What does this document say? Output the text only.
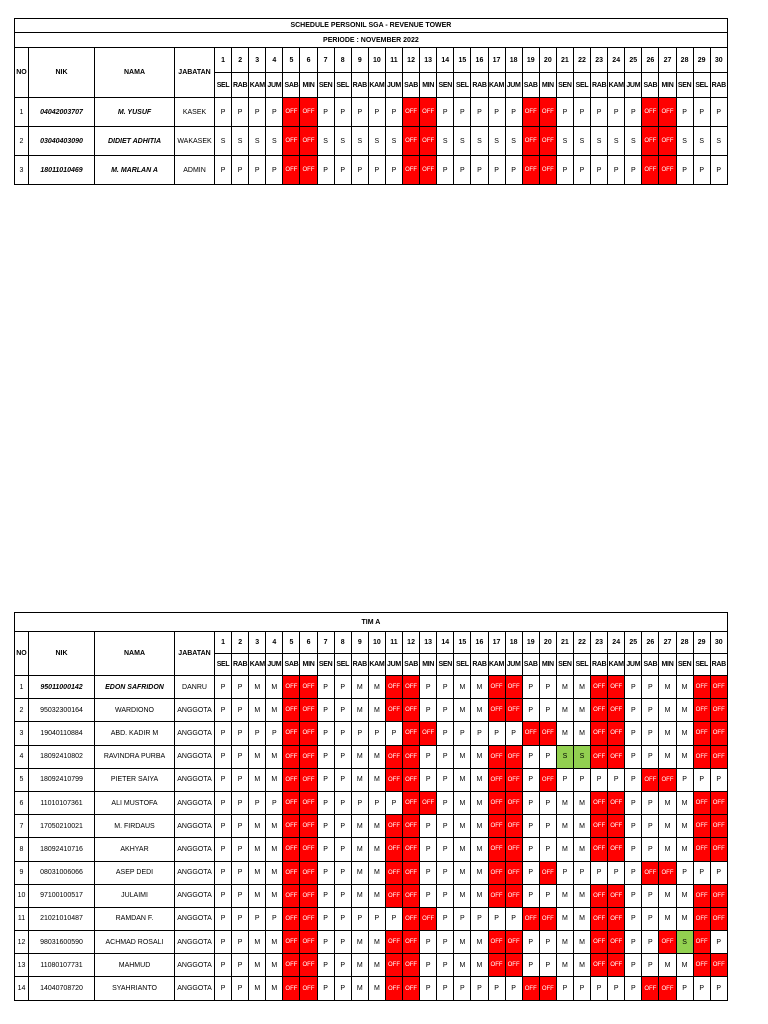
SCHEDULE PERSONIL SGA - REVENUE TOWER																																	
PERIODE : NOVEMBER 2022																																	
NO	NIK	NAMA	JABATAN	1	2	3	4	5	6	7	8	9	10	11	12	13	14	15	16	17	18	19	20	21	22	23	24	25	26	27	28	29	30
				SEL	RAB	KAM	JUM	SAB	MIN	SEN	SEL	RAB	KAM	JUM	SAB	MIN	SEN	SEL	RAB	KAM	JUM	SAB	MIN	SEN	SEL	RAB	KAM	JUM	SAB	MIN	SEN	SEL	RAB
1	04042003707	M. YUSUF	KASEK	P	P	P	P	OFF	OFF	P	P	P	P	P	OFF	OFF	P	P	P	P	P	OFF	OFF	P	P	P	P	P	OFF	OFF	P	P	P
2	03040403090	DIDIET ADHITIA	WAKASEK	S	S	S	S	OFF	OFF	S	S	S	S	S	OFF	OFF	S	S	S	S	S	OFF	OFF	S	S	S	S	S	OFF	OFF	S	S	S
3	18011010469	M. MARLAN A	ADMIN	P	P	P	P	OFF	OFF	P	P	P	P	P	OFF	OFF	P	P	P	P	P	OFF	OFF	P	P	P	P	P	OFF	OFF	P	P	P
TIM A																																	
NO	NIK	NAMA	JABATAN	1	2	3	4	5	6	7	8	9	10	11	12	13	14	15	16	17	18	19	20	21	22	23	24	25	26	27	28	29	30
				SEL	RAB	KAM	JUM	SAB	MIN	SEN	SEL	RAB	KAM	JUM	SAB	MIN	SEN	SEL	RAB	KAM	JUM	SAB	MIN	SEN	SEL	RAB	KAM	JUM	SAB	MIN	SEN	SEL	RAB
1	95011000142	EDON SAFRIDON	DANRU	P	P	M	M	OFF	OFF	P	P	M	M	OFF	OFF	P	P	M	M	OFF	OFF	P	P	M	M	OFF	OFF	P	P	M	M	OFF	OFF
2	95032300164	WARDIONO	ANGGOTA	P	P	M	M	OFF	OFF	P	P	M	M	OFF	OFF	P	P	M	M	OFF	OFF	P	P	M	M	OFF	OFF	P	P	M	M	OFF	OFF
3	19040110884	ABD. KADIR M	ANGGOTA	P	P	P	P	OFF	OFF	P	P	P	P	P	OFF	OFF	P	P	P	P	P	OFF	OFF	M	M	OFF	OFF	P	P	M	M	OFF	OFF
4	18092410802	RAVINDRA PURBA	ANGGOTA	P	P	M	M	OFF	OFF	P	P	M	M	OFF	OFF	P	P	M	M	OFF	OFF	P	P	S	S	OFF	OFF	P	P	M	M	OFF	OFF
5	18092410799	PIETER SAIYA	ANGGOTA	P	P	M	M	OFF	OFF	P	P	M	M	OFF	OFF	P	P	M	M	OFF	OFF	P	OFF	P	P	P	P	P	OFF	OFF	P	P	P
6	11010107361	ALI MUSTOFA	ANGGOTA	P	P	P	P	OFF	OFF	P	P	P	P	P	OFF	OFF	P	M	M	OFF	OFF	P	P	M	M	OFF	OFF	P	P	M	M	OFF	OFF
7	17050210021	M. FIRDAUS	ANGGOTA	P	P	M	M	OFF	OFF	P	P	M	M	OFF	OFF	P	P	M	M	OFF	OFF	P	P	M	M	OFF	OFF	P	P	M	M	OFF	OFF
8	18092410716	AKHYAR	ANGGOTA	P	P	M	M	OFF	OFF	P	P	M	M	OFF	OFF	P	P	M	M	OFF	OFF	P	P	M	M	OFF	OFF	P	P	M	M	OFF	OFF
9	08031006066	ASEP DEDI	ANGGOTA	P	P	M	M	OFF	OFF	P	P	M	M	OFF	OFF	P	P	M	M	OFF	OFF	P	OFF	P	P	P	P	P	OFF	OFF	P	P	P
10	97100100517	JULAIMI	ANGGOTA	P	P	M	M	OFF	OFF	P	P	M	M	OFF	OFF	P	P	M	M	OFF	OFF	P	P	M	M	OFF	OFF	P	P	M	M	OFF	OFF
11	21021010487	RAMDAN F.	ANGGOTA	P	P	P	P	OFF	OFF	P	P	P	P	P	OFF	OFF	P	P	P	P	P	OFF	OFF	M	M	OFF	OFF	P	P	M	M	OFF	OFF
12	98031600590	ACHMAD ROSALI	ANGGOTA	P	P	M	M	OFF	OFF	P	P	M	M	OFF	OFF	P	P	M	M	OFF	OFF	P	P	M	M	OFF	OFF	P	P	OFF	S	OFF	P
13	11080107731	MAHMUD	ANGGOTA	P	P	M	M	OFF	OFF	P	P	M	M	OFF	OFF	P	P	M	M	OFF	OFF	P	P	M	M	OFF	OFF	P	P	M	M	OFF	OFF
14	14040708720	SYAHRIANTO	ANGGOTA	P	P	M	M	OFF	OFF	P	P	M	M	OFF	OFF	P	P	P	P	P	P	OFF	OFF	P	P	P	P	P	OFF	OFF	P	P	P
